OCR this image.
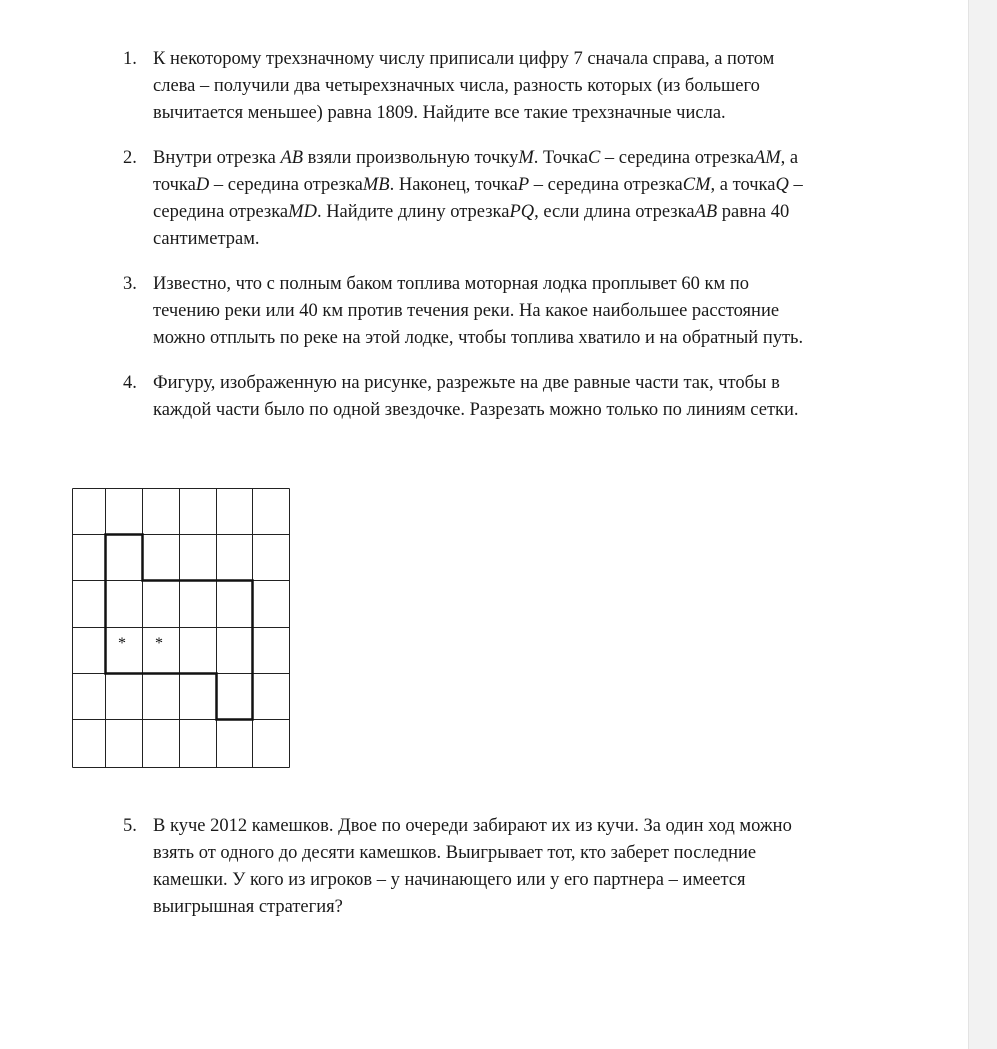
1. К некоторому трехзначному числу приписали цифру 7 сначала справа, а потом
слева – получили два четырехзначных числа, разность которых (из большего
вычитается меньшее) равна 1809. Найдите все такие трехзначные числа.
2. Внутри отрезка AB взяли произвольную точкуM. ТочкаC – середина отрезкаAM, а
точкаD – середина отрезкаMB. Наконец, точкаP – середина отрезкаCM, а точкаQ –
середина отрезкаMD. Найдите длину отрезкаPQ, если длина отрезкаAB равна 40
сантиметрам.
3. Известно, что с полным баком топлива моторная лодка проплывет 60 км по
течению реки или 40 км против течения реки. На какое наибольшее расстояние
можно отплыть по реке на этой лодке, чтобы топлива хватило и на обратный путь.
4. Фигуру, изображенную на рисунке, разрежьте на две равные части так, чтобы в
каждой части было по одной звездочке. Разрезать можно только по линиям сетки.
* *
5. В куче 2012 камешков. Двое по очереди забирают их из кучи. За один ход можно
взять от одного до десяти камешков. Выигрывает тот, кто заберет последние
камешки. У кого из игроков – у начинающего или у его партнера – имеется
выигрышная стратегия?
